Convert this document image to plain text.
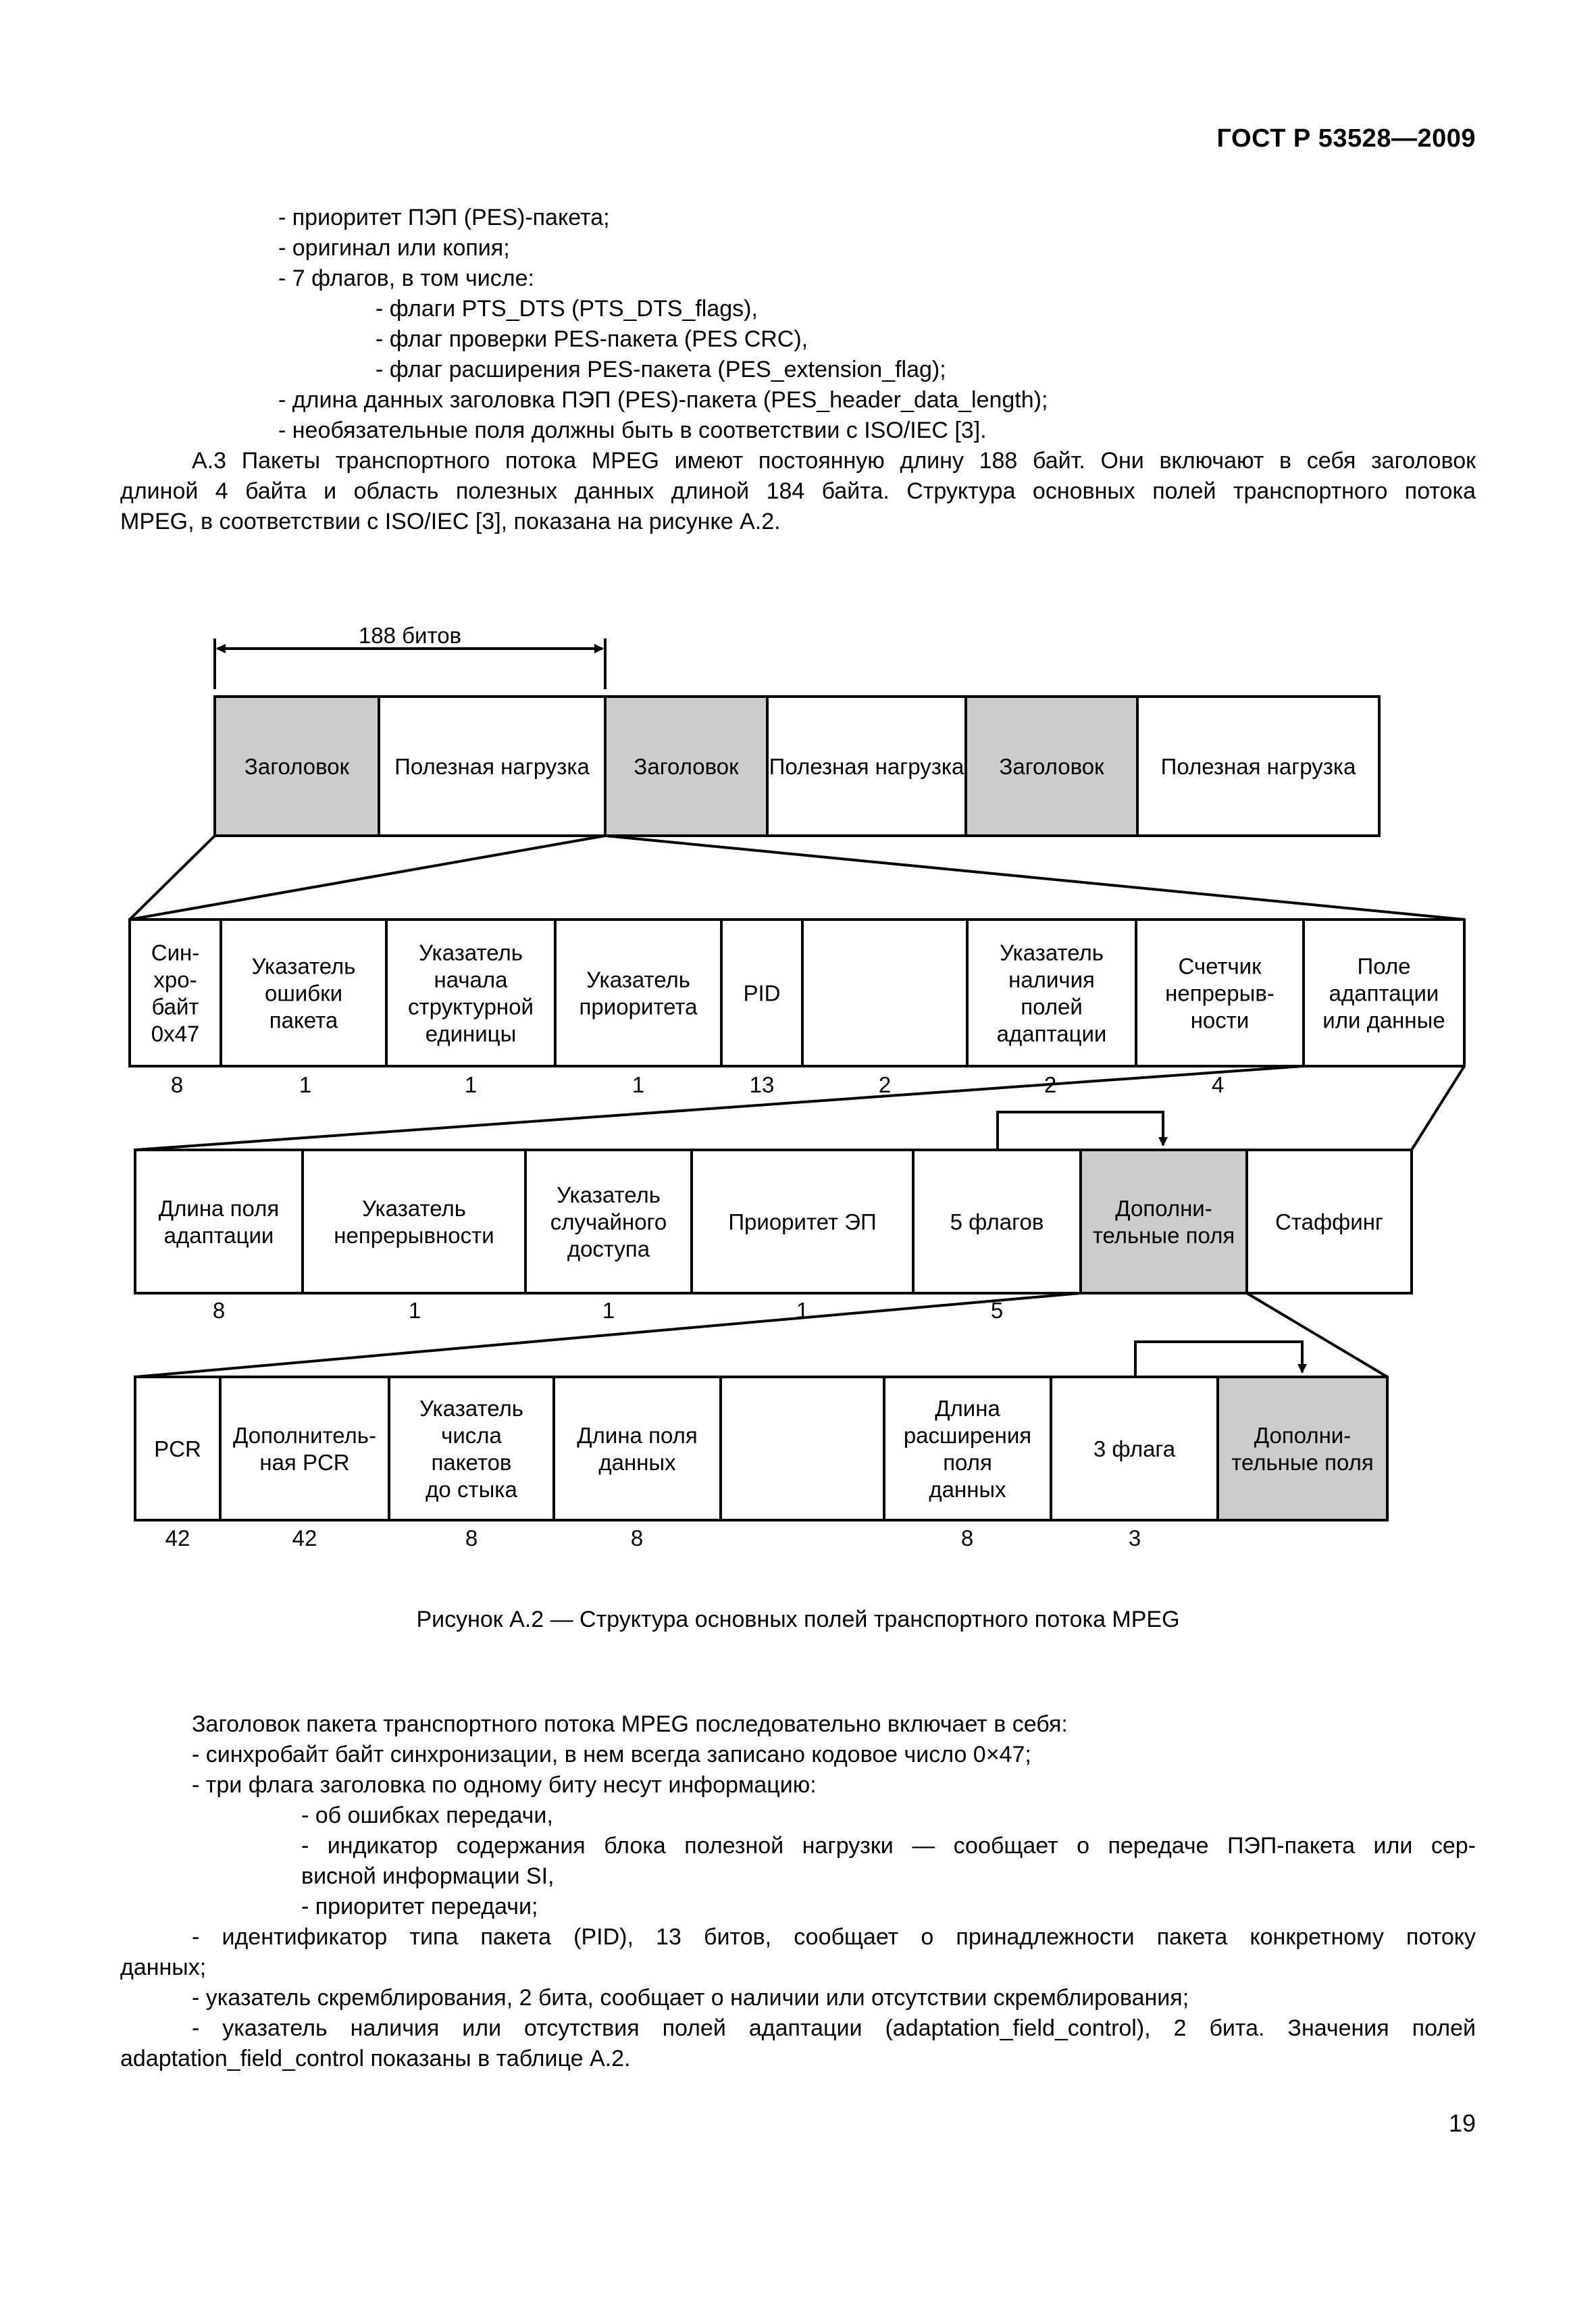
ГОСТ Р 53528—2009
- приоритет ПЭП (PES)-пакета;
- оригинал или копия;
- 7 флагов, в том числе:
- флаги PTS_DTS (PTS_DTS_flags),
- флаг проверки PES-пакета (PES CRC),
- флаг расширения PES-пакета (PES_extension_flag);
- длина данных заголовка ПЭП (PES)-пакета (PES_header_data_length);
- необязательные поля должны быть в соответствии с ISO/IEC [3].
А.3 Пакеты транспортного потока MPEG имеют постоянную длину 188 байт. Они включают в себя заголовок
длиной 4 байта и область полезных данных длиной 184 байта. Структура основных полей транспортного потока
MPEG, в соответствии с ISO/IEC [3], показана на рисунке А.2.
188 битов
Заголовок Полезная нагрузка Заголовок Полезная нагрузка Заголовок	Полезная нагрузка
Син-
хро-
байт
0x47
8
Указатель
ошибки
пакета
1
Указатель
начала
структурной
единицы
1
Указатель
приоритета
1
PID
13	2
Указатель
наличия
полей
адаптации
2
Счетчик
непрерыв-
ности
4
Поле
адаптации
или данные
Длина поля
адаптации
8
Указатель
непрерывности
1
Указатель
случайного
доступа
1
Приоритет ЭП
1
5 флагов
5
Дополни-
тельные поля
Стаффинг
PCR
42
Дополнитель-
ная PCR
42
Указатель
числа
пакетов
до стыка
8
Длина поля
данных
8
Длина
расширения
поля
данных
8
3 флага
3
Дополни-
тельные поля
Рисунок А.2 — Структура основных полей транспортного потока MPEG
Заголовок пакета транспортного потока MPEG последовательно включает в себя:
- синхробайт байт синхронизации, в нем всегда записано кодовое число 0×47;
- три флага заголовка по одному биту несут информацию:
- об ошибках передачи,
- индикатор содержания блока полезной нагрузки — сообщает о передаче ПЭП-пакета или сер-
висной информации SI,
- приоритет передачи;
- идентификатор типа пакета (PID), 13 битов, сообщает о принадлежности пакета конкретному потоку
данных;
- указатель скремблирования, 2 бита, сообщает о наличии или отсутствии скремблирования;
- указатель наличия или отсутствия полей адаптации (adaptation_field_control), 2 бита. Значения полей
adaptation_field_control показаны в таблице А.2.
19
